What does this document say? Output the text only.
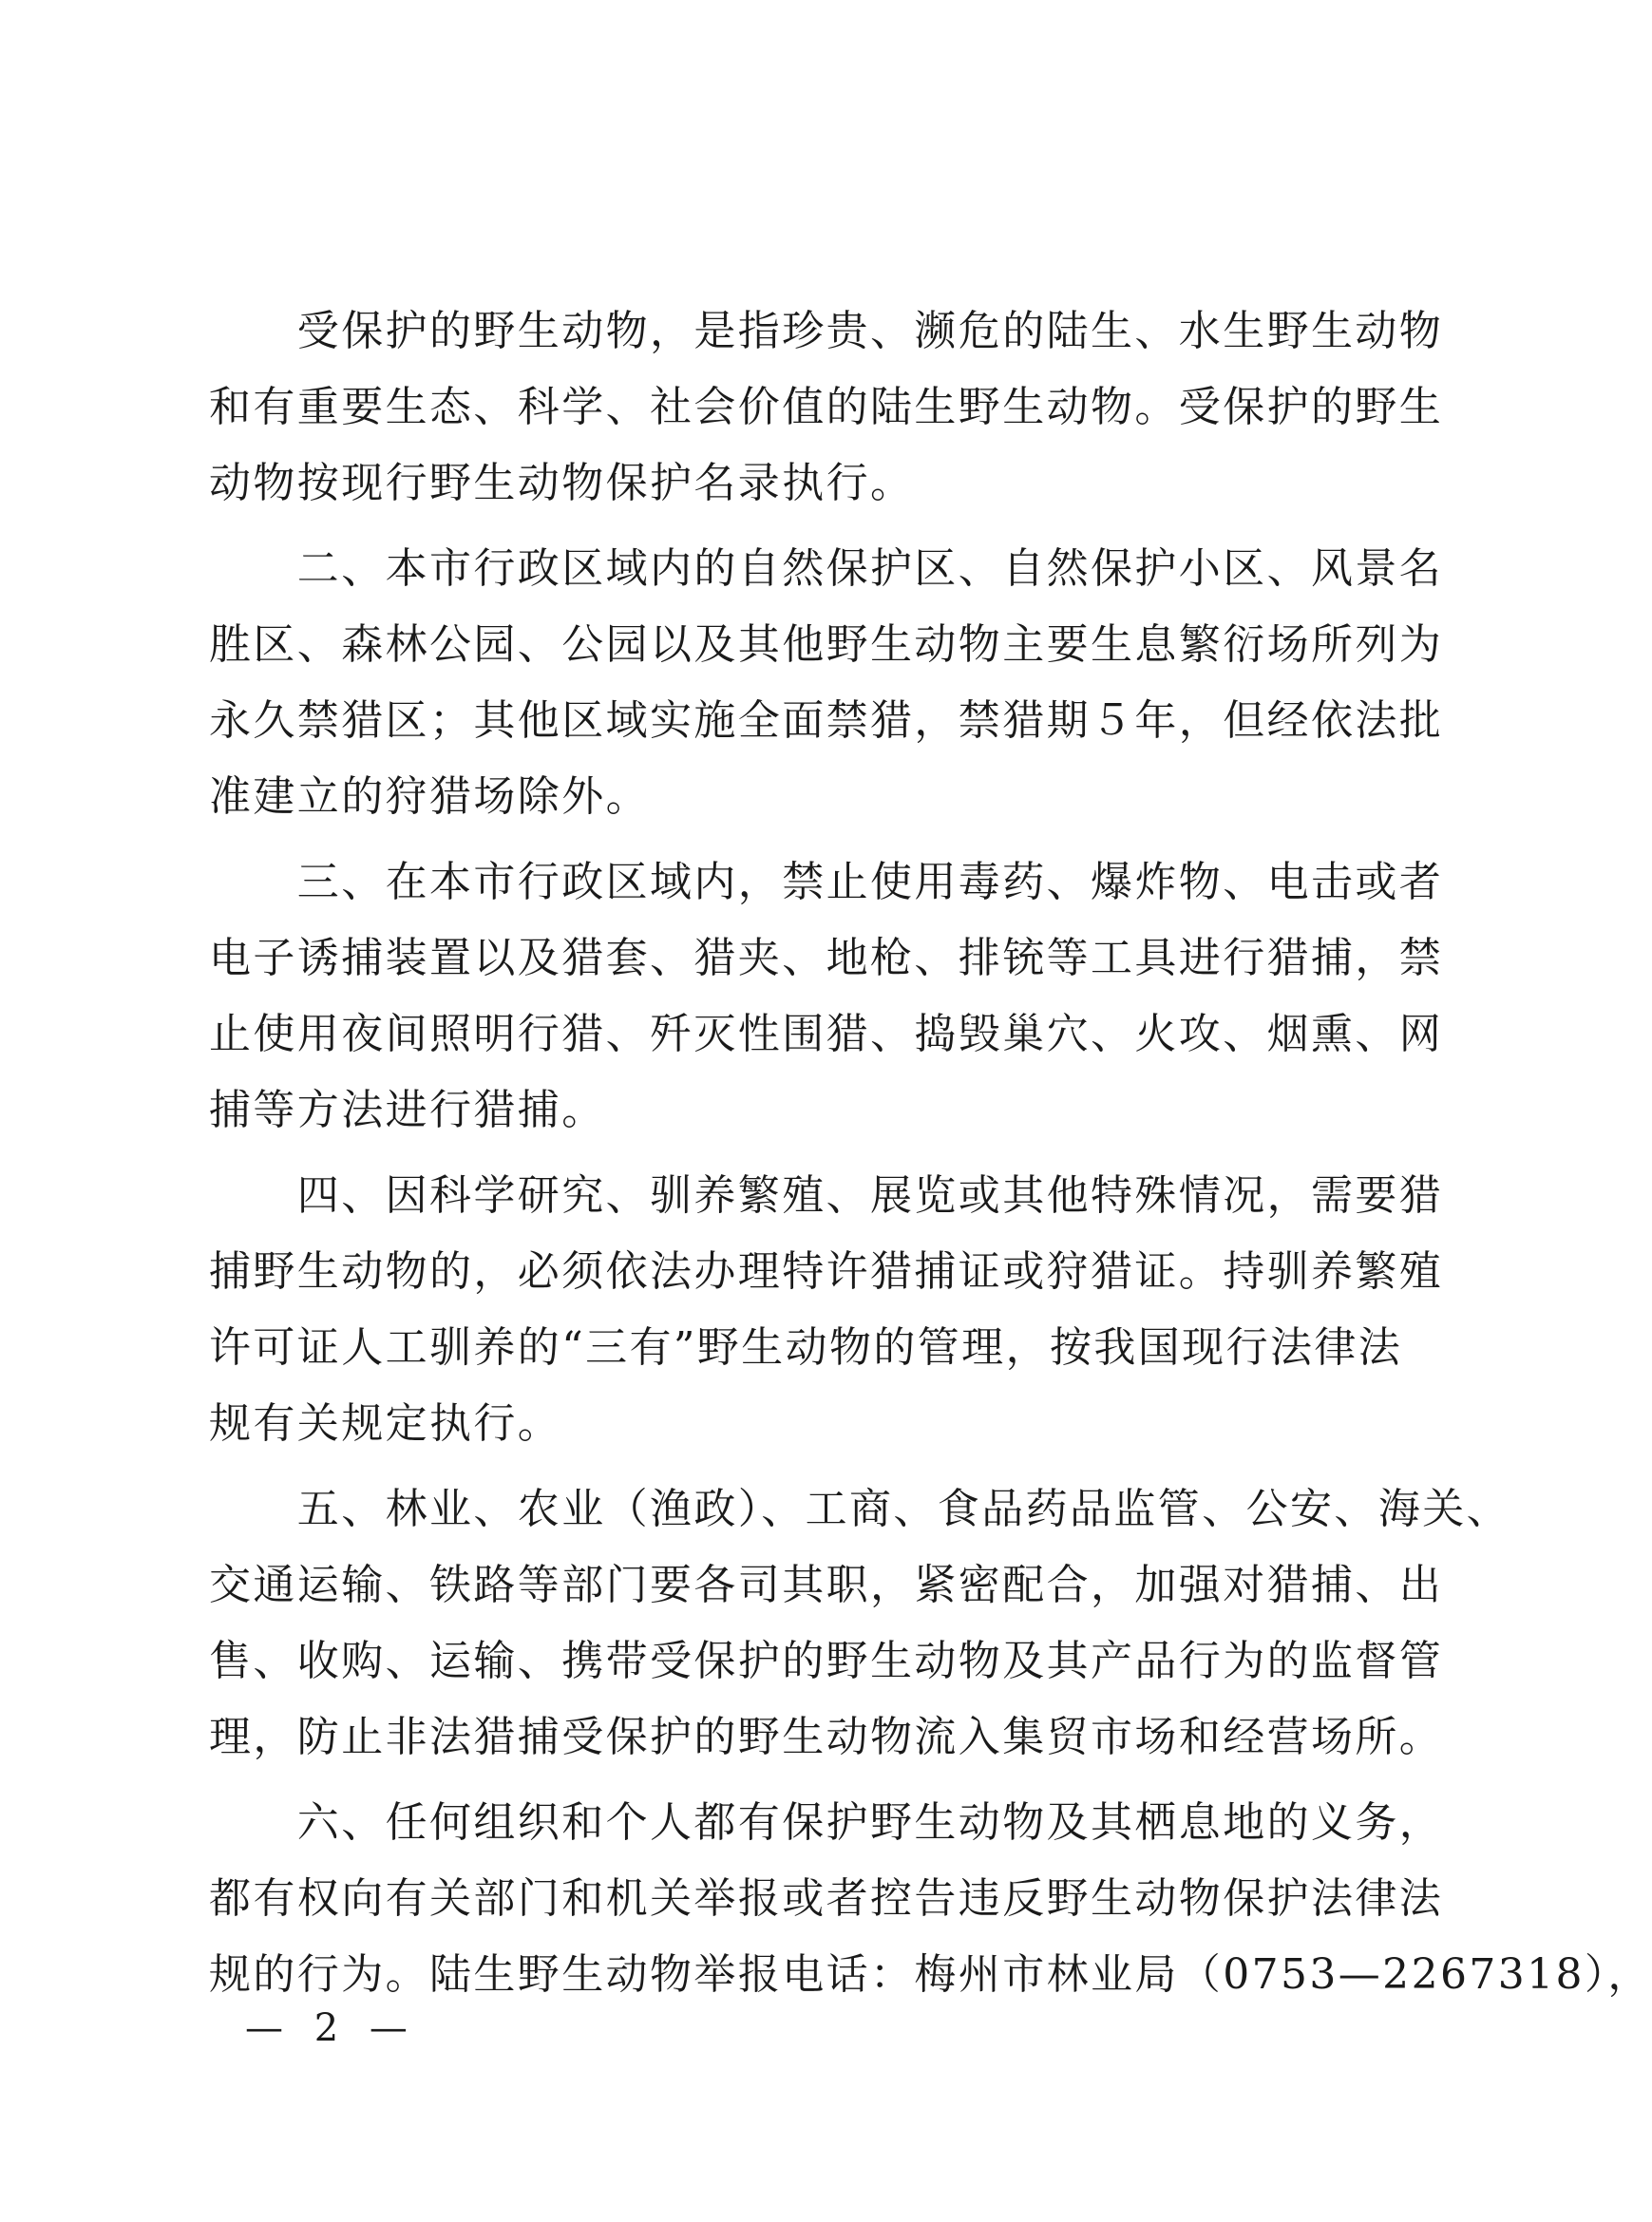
　　受保护的野生动物，是指珍贵、濒危的陆生、水生野生动物
和有重要生态、科学、社会价值的陆生野生动物。受保护的野生
动物按现行野生动物保护名录执行。
　　二、本市行政区域内的自然保护区、自然保护小区、风景名
胜区、森林公园、公园以及其他野生动物主要生息繁衍场所列为
永久禁猎区；其他区域实施全面禁猎，禁猎期５年，但经依法批
准建立的狩猎场除外。
　　三、在本市行政区域内，禁止使用毒药、爆炸物、电击或者
电子诱捕装置以及猎套、猎夹、地枪、排铳等工具进行猎捕，禁
止使用夜间照明行猎、歼灭性围猎、捣毁巢穴、火攻、烟熏、网
捕等方法进行猎捕。
　　四、因科学研究、驯养繁殖、展览或其他特殊情况，需要猎
捕野生动物的，必须依法办理特许猎捕证或狩猎证。持驯养繁殖
许可证人工驯养的“三有”野生动物的管理，按我国现行法律法
规有关规定执行。
　　五、林业、农业（渔政）、工商、食品药品监管、公安、海关、
交通运输、铁路等部门要各司其职，紧密配合，加强对猎捕、出
售、收购、运输、携带受保护的野生动物及其产品行为的监督管
理，防止非法猎捕受保护的野生动物流入集贸市场和经营场所。
　　六、任何组织和个人都有保护野生动物及其栖息地的义务，
都有权向有关部门和机关举报或者控告违反野生动物保护法律法
规的行为。陆生野生动物举报电话：梅州市林业局（0753—2267318），
— 2 —
